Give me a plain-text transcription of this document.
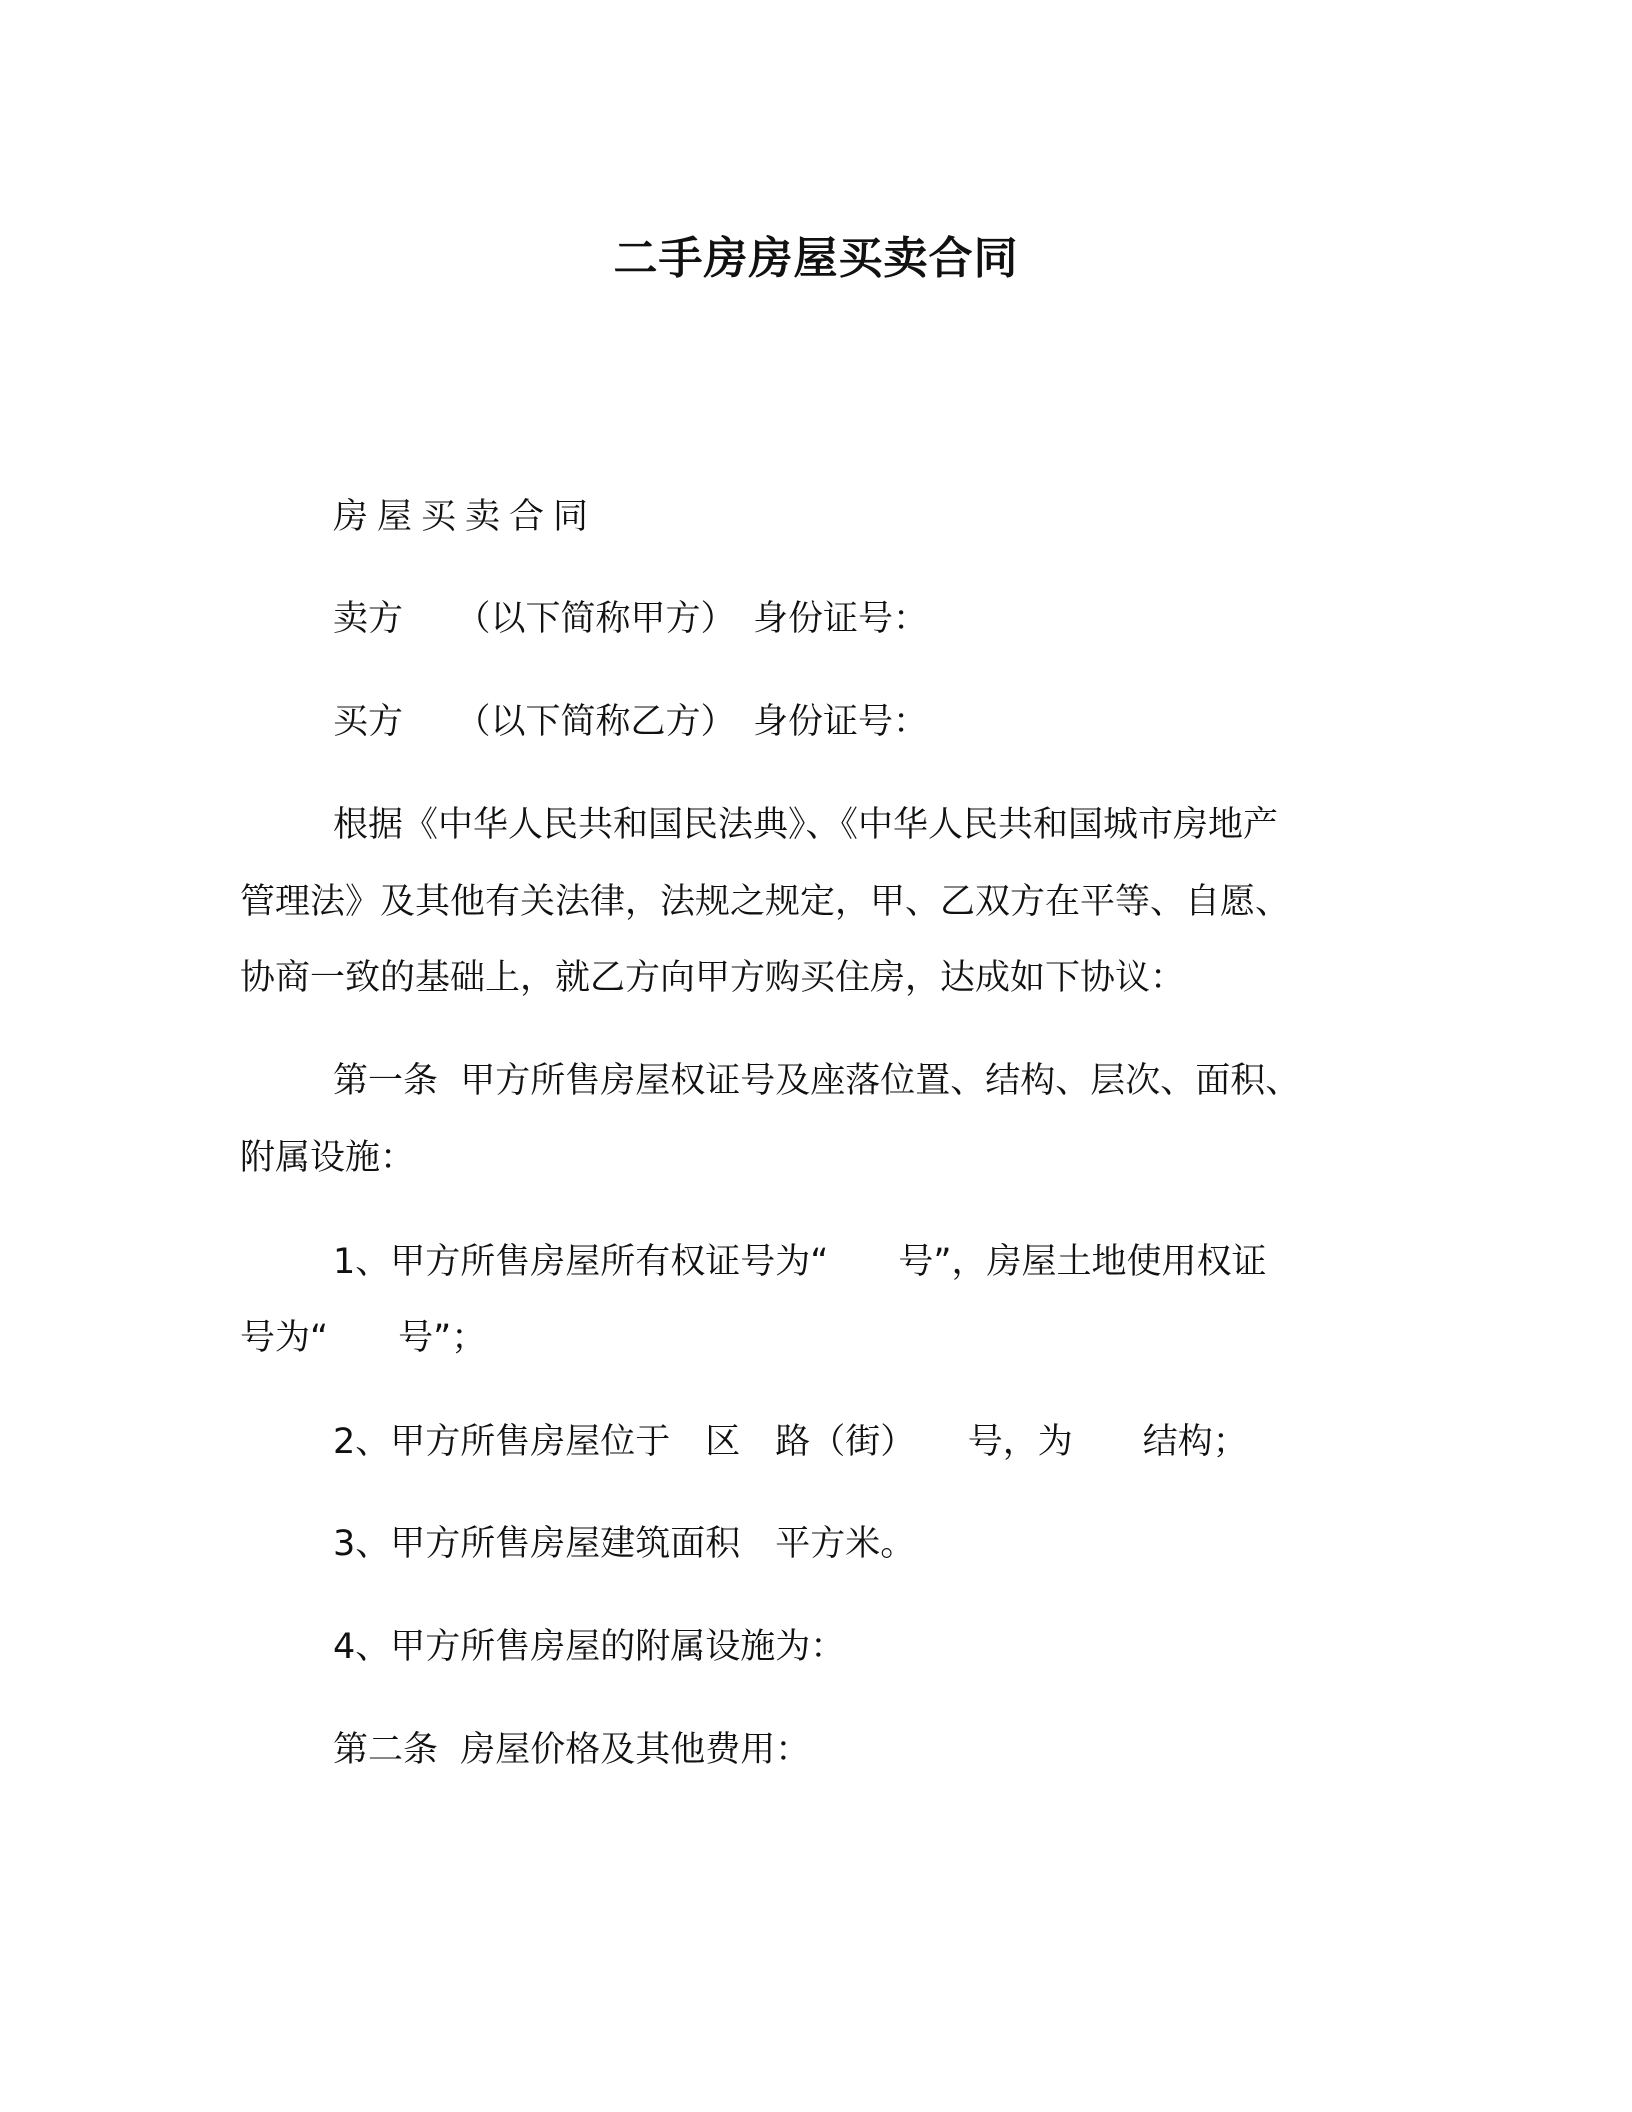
二手房房屋买卖合同
房屋买卖合同
卖方　　（以下简称甲方）　身份证号：
买方　　（以下简称乙方）　身份证号：
根据《中华人民共和国民法典》、《中华人民共和国城市房地产
管理法》及其他有关法律，法规之规定，甲、乙双方在平等、自愿、
协商一致的基础上，就乙方向甲方购买住房，达成如下协议：
第一条  甲方所售房屋权证号及座落位置、结构、层次、面积、
附属设施：
1、甲方所售房屋所有权证号为“　　号”，房屋土地使用权证
号为“　　号”；
2、甲方所售房屋位于　区　路（街）　　号，为　　结构；
3、甲方所售房屋建筑面积　平方米。
4、甲方所售房屋的附属设施为：
第二条  房屋价格及其他费用：
